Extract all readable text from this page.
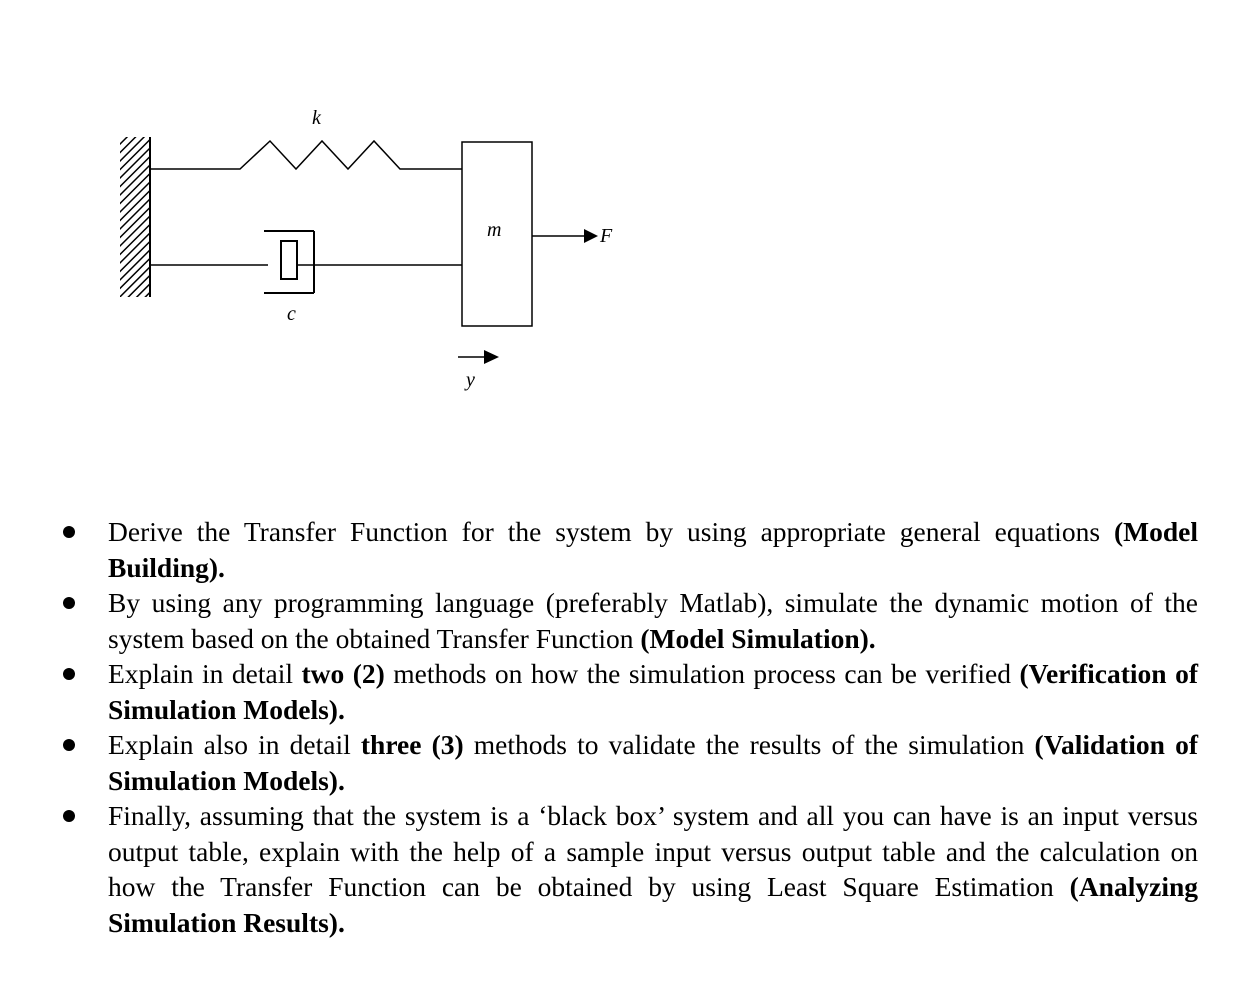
k
c
m	F
y
Derive the Transfer Function for the system by using appropriate general equations (Model Building).
By using any programming language (preferably Matlab), simulate the dynamic motion of the system based on the obtained Transfer Function (Model Simulation).
Explain in detail two (2) methods on how the simulation process can be verified (Verification of Simulation Models).
Explain also in detail three (3) methods to validate the results of the simulation (Validation of Simulation Models).
Finally, assuming that the system is a ‘black box’ system and all you can have is an input versus output table, explain with the help of a sample input versus output table and the calculation on how the Transfer Function can be obtained by using Least Square Estimation (Analyzing Simulation Results).
